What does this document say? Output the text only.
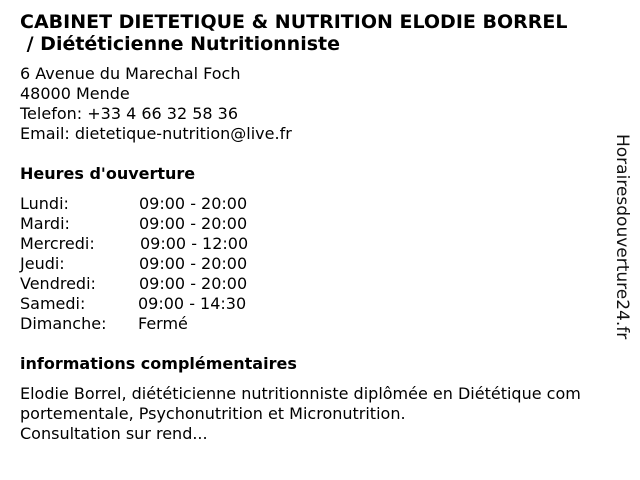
CABINET DIETETIQUE & NUTRITION ELODIE BORREL
/ Diététicienne Nutritionniste
6 Avenue du Marechal Foch
48000 Mende
Telefon: +33 4 66 32 58 36
Email: dietetique-nutrition@live.fr
Heures d'ouverture
Lundi:	09:00 - 20:00
Mardi:	09:00 - 20:00
Mercredi:	09:00 - 12:00
Jeudi:	09:00 - 20:00
Vendredi:	09:00 - 20:00
Samedi:	09:00 - 14:30
Dimanche: Fermé
informations complémentaires
Elodie Borrel, diététicienne nutritionniste diplômée en Diététique com
portementale, Psychonutrition et Micronutrition.
Consultation sur rend...
Horairesdouverture24.fr
